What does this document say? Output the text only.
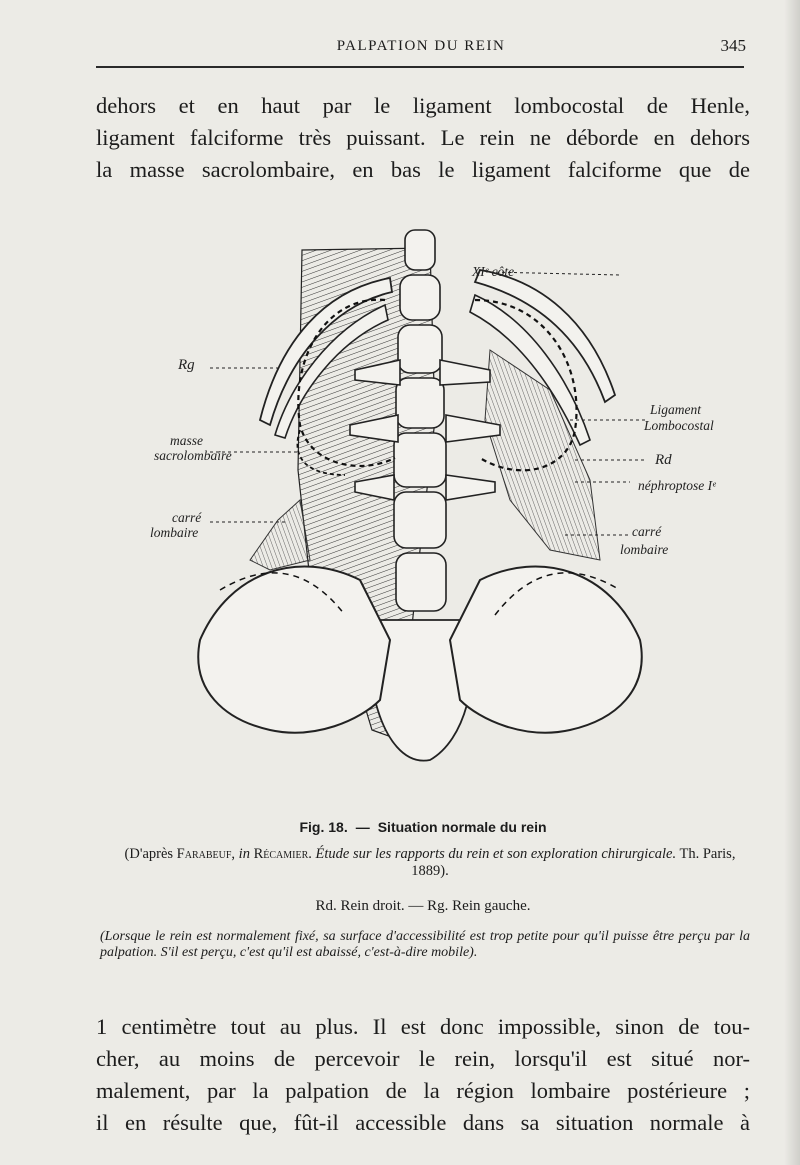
PALPATION DU REIN	345
dehors et en haut par le ligament lombocostal de Henle,
ligament falciforme très puissant. Le rein ne déborde en dehors
la masse sacrolombaire, en bas le ligament falciforme que de
XIᵉ côte
Rg
masse
sacrolombaire
carré
lombaire
Ligament
Lombocostal
Rd
néphroptose Iᵉ
carré
lombaire
Fig. 18. — Situation normale du rein
(D'après Farabeuf, in Récamier. Étude sur les rapports du rein et son exploration chirurgicale. Th. Paris, 1889).
Rd. Rein droit. — Rg. Rein gauche.
(Lorsque le rein est normalement fixé, sa surface d'accessibilité est trop petite pour qu'il puisse être perçu par la palpation. S'il est perçu, c'est qu'il est abaissé, c'est-à-dire mobile).
1 centimètre tout au plus. Il est donc impossible, sinon de tou-
cher, au moins de percevoir le rein, lorsqu'il est situé nor-
malement, par la palpation de la région lombaire postérieure ;
il en résulte que, fût-il accessible dans sa situation normale à
